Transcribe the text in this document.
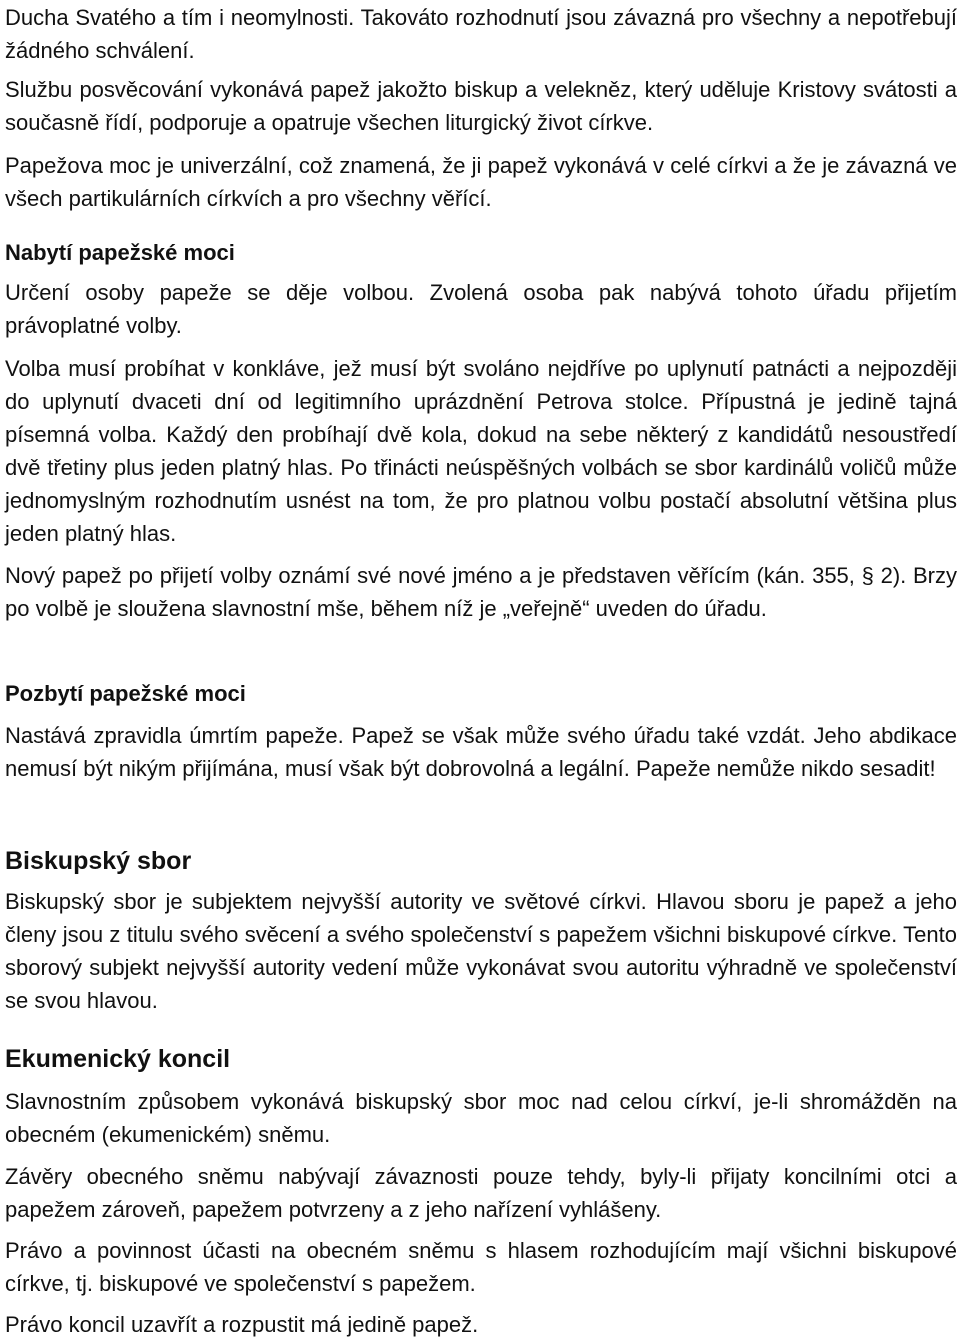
Ducha Svatého a tím i neomylnosti. Takováto rozhodnutí jsou závazná pro všechny a nepotřebují žádného schválení.

Službu posvěcování vykonává papež jakožto biskup a velekněz, který uděluje Kristovy svátosti a současně řídí, podporuje a opatruje všechen liturgický život církve.

Papežova moc je univerzální, což znamená, že ji papež vykonává v celé církvi a že je závazná ve všech partikulárních církvích a pro všechny věřící.

Nabytí papežské moci

Určení osoby papeže se děje volbou. Zvolená osoba pak nabývá tohoto úřadu přijetím právoplatné volby.

Volba musí probíhat v konkláve, jež musí být svoláno nejdříve po uplynutí patnácti a nejpozději do uplynutí dvaceti dní od legitimního uprázdnění Petrova stolce. Přípustná je jedině tajná písemná volba. Každý den probíhají dvě kola, dokud na sebe některý z kandidátů nesoustředí dvě třetiny plus jeden platný hlas. Po třinácti neúspěšných volbách se sbor kardinálů voličů může jednomyslným rozhodnutím usnést na tom, že pro platnou volbu postačí absolutní většina plus jeden platný hlas.

Nový papež po přijetí volby oznámí své nové jméno a je představen věřícím (kán. 355, § 2). Brzy po volbě je sloužena slavnostní mše, během níž je „veřejně“ uveden do úřadu.

Pozbytí papežské moci

Nastává zpravidla úmrtím papeže. Papež se však může svého úřadu také vzdát. Jeho abdikace nemusí být nikým přijímána, musí však být dobrovolná a legální. Papeže nemůže nikdo sesadit!

Biskupský sbor

Biskupský sbor je subjektem nejvyšší autority ve světové církvi. Hlavou sboru je papež a jeho členy jsou z titulu svého svěcení a svého společenství s papežem všichni biskupové církve. Tento sborový subjekt nejvyšší autority vedení může vykonávat svou autoritu výhradně ve společenství se svou hlavou.

Ekumenický koncil

Slavnostním způsobem vykonává biskupský sbor moc nad celou církví, je-li shromážděn na obecném (ekumenickém) sněmu.

Závěry obecného sněmu nabývají závaznosti pouze tehdy, byly-li přijaty koncilními otci a papežem zároveň, papežem potvrzeny a z jeho nařízení vyhlášeny.

Právo a povinnost účasti na obecném sněmu s hlasem rozhodujícím mají všichni biskupové církve, tj. biskupové ve společenství s papežem.

Právo koncil uzavřít a rozpustit má jedině papež.
